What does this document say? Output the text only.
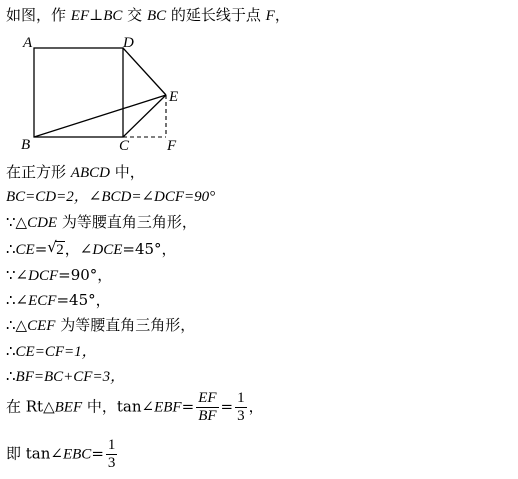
如图，作 EF⊥BC 交 BC 的延长线于点 F，
A	D
E
B	C	F
在正方形 ABCD 中，
BC=CD=2，∠BCD=∠DCF=90°
∵△CDE 为等腰直角三角形，
∴CE= √ 2，∠DCE=45°，
∵∠DCF=90°，
∴∠ECF=45°，
∴△CEF 为等腰直角三角形，
∴CE=CF=1，
∴BF=BC+CF=3，
在 Rt△BEF 中，tan∠EBF= $\frac{EF}{BF} = \frac{1}{3}$ ，
即 tan∠EBC= $\frac{1}{3}$
